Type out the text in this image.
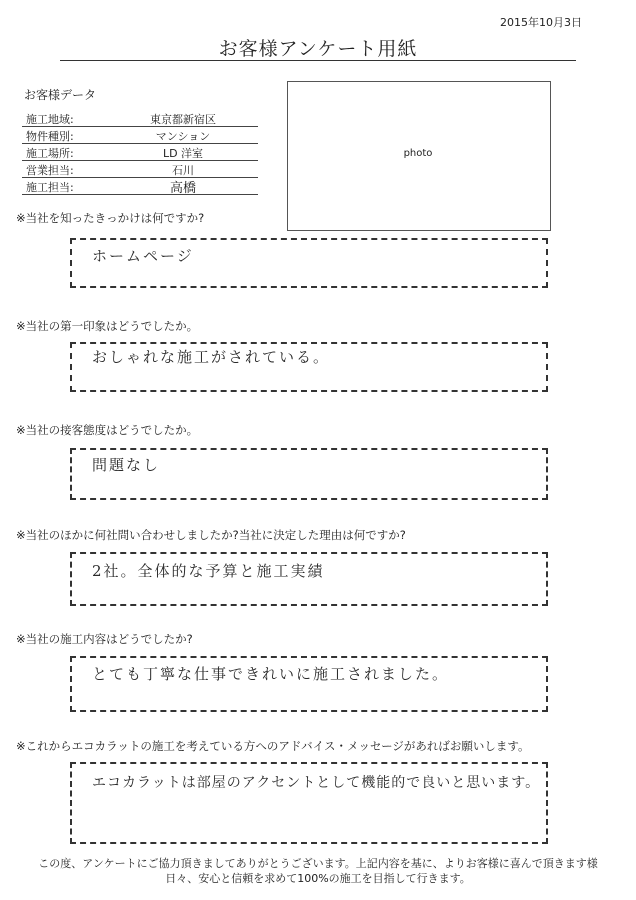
2015年10月3日
お客様アンケート用紙
お客様データ
施工地域:	東京都新宿区
物件種別:	マンション
施工場所:	LD 洋室
営業担当:	石川
施工担当:	高橋
photo
※当社を知ったきっかけは何ですか?
ホームページ
※当社の第一印象はどうでしたか。
おしゃれな施工がされている。
※当社の接客態度はどうでしたか。
問題なし
※当社のほかに何社問い合わせしましたか?当社に決定した理由は何ですか?
2社。全体的な予算と施工実績
※当社の施工内容はどうでしたか?
とても丁寧な仕事できれいに施工されました。
※これからエコカラットの施工を考えている方へのアドバイス・メッセージがあればお願いします。
エコカラットは部屋のアクセントとして機能的で良いと思います。
この度、アンケートにご協力頂きましてありがとうございます。上記内容を基に、よりお客様に喜んで頂きます様
日々、安心と信頼を求めて100%の施工を目指して行きます。
